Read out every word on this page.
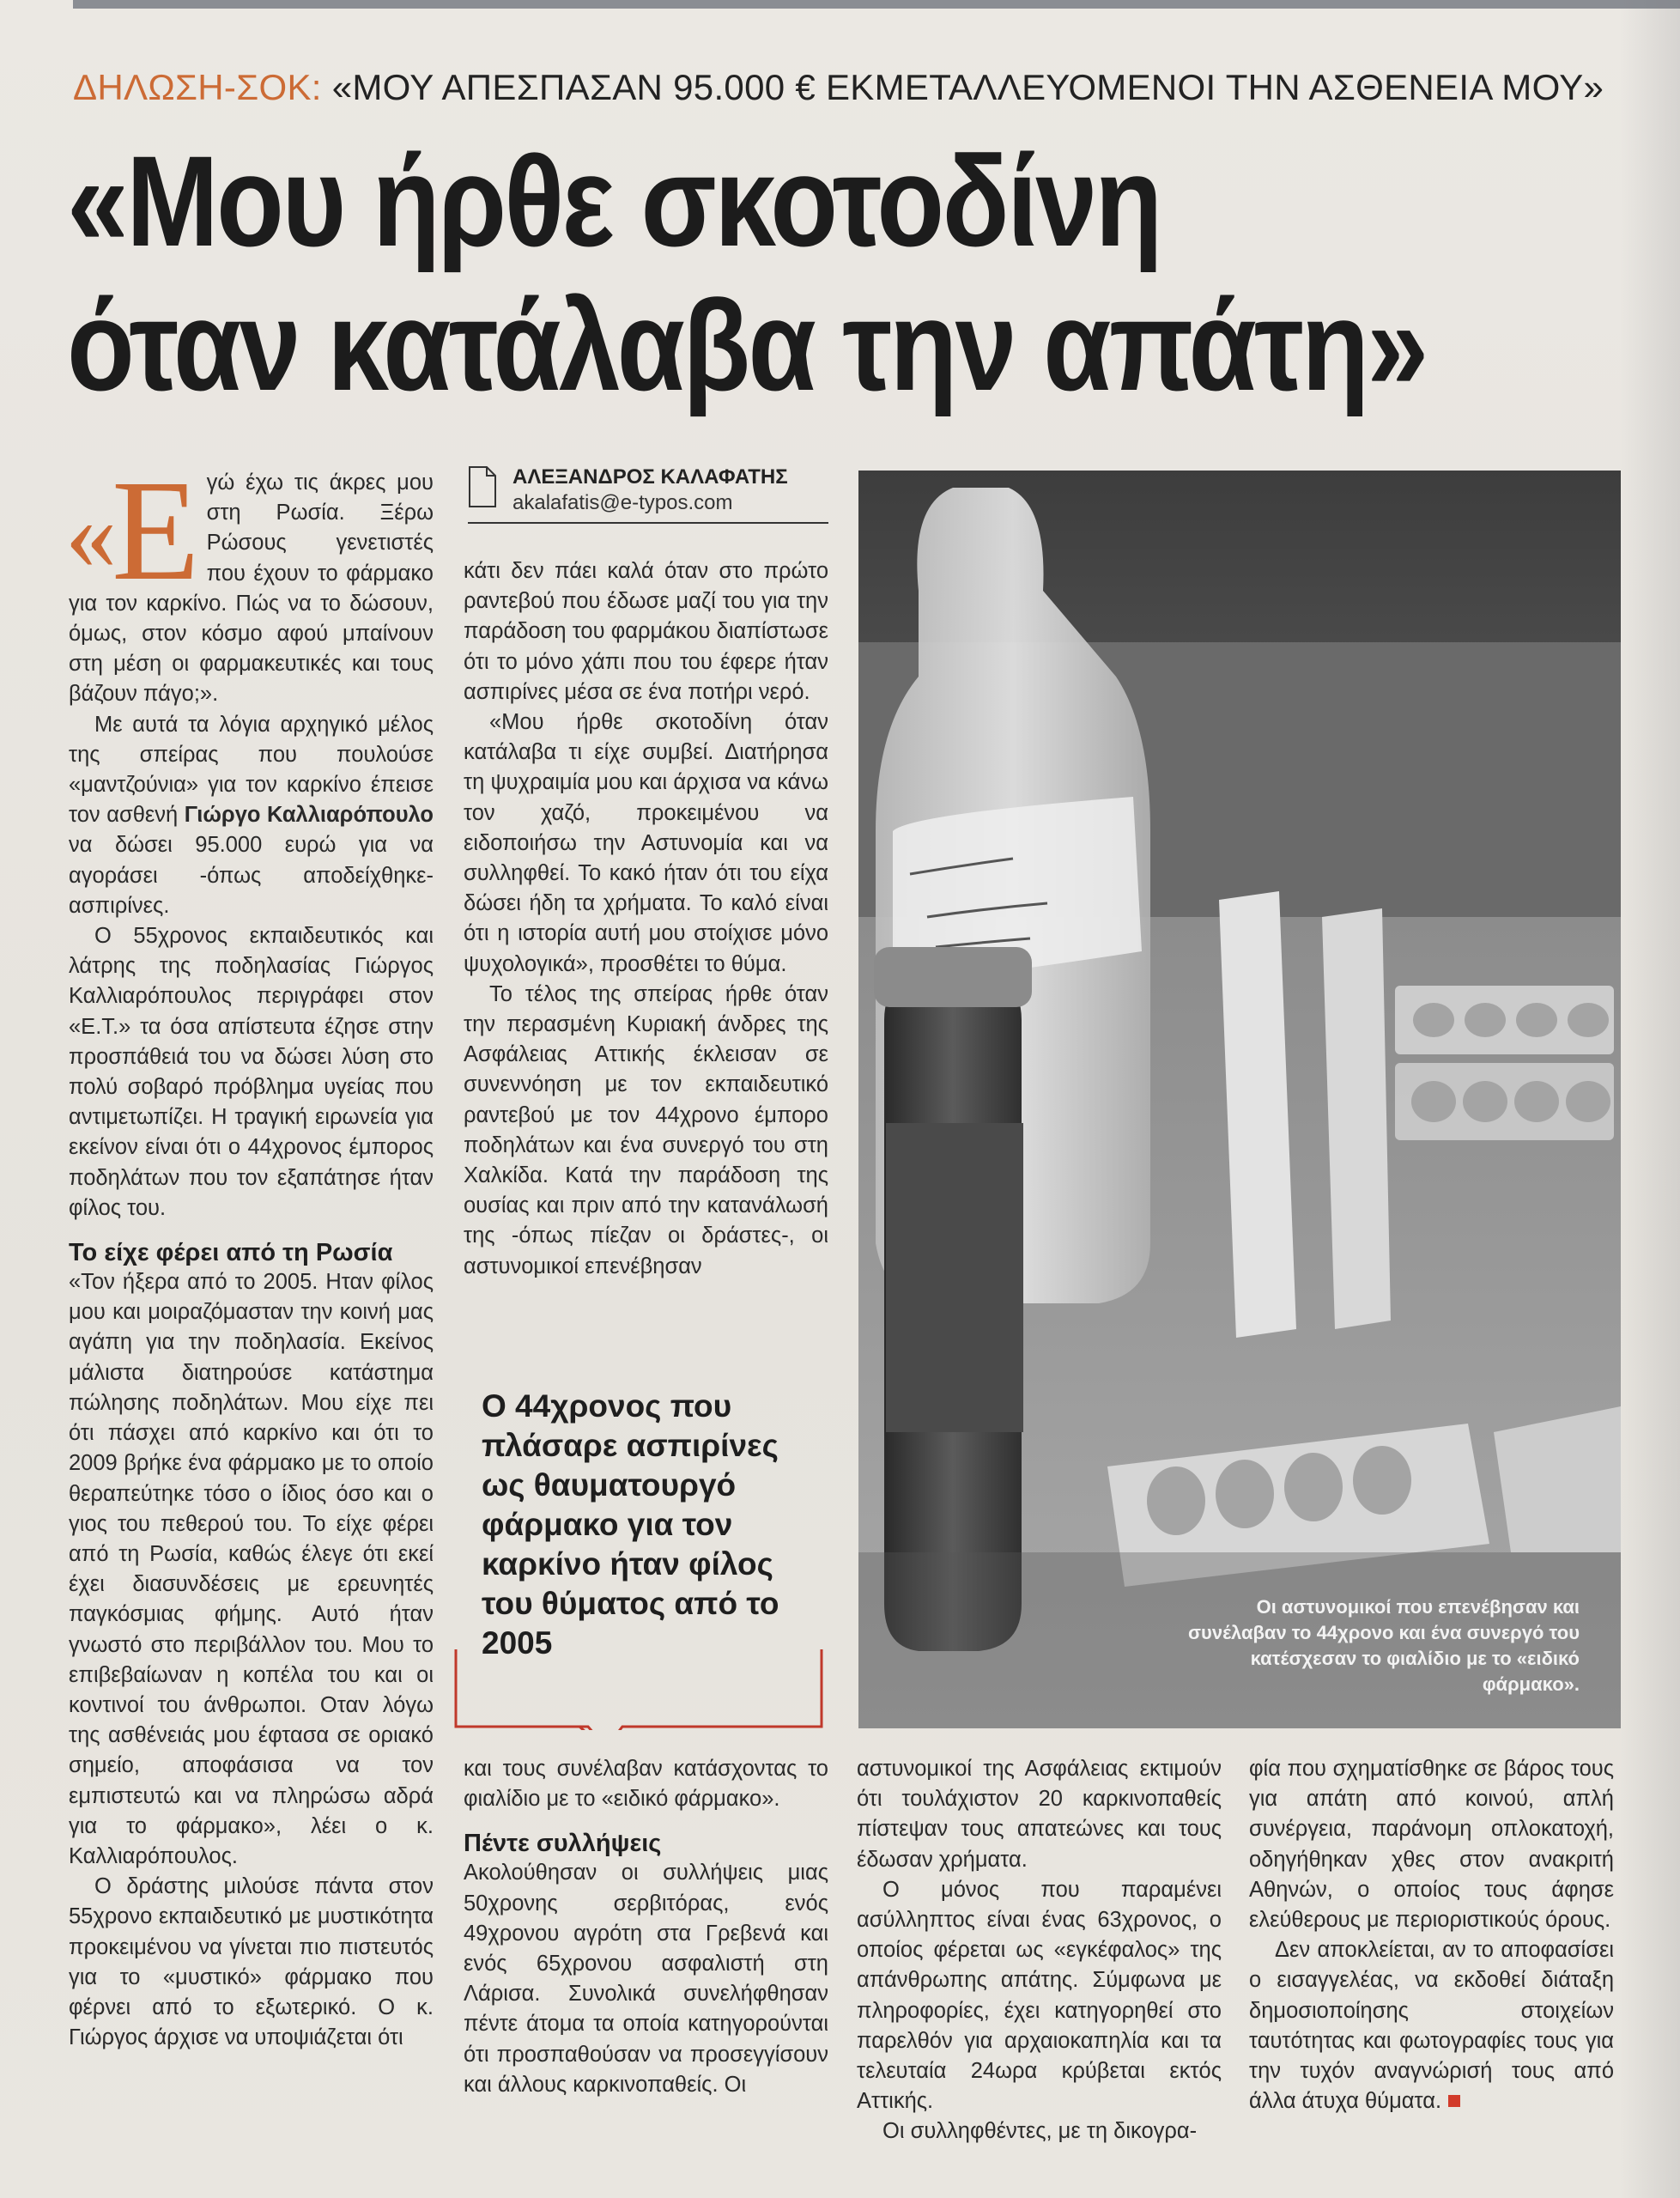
ΔΗΛΩΣΗ-ΣΟΚ: «ΜΟΥ ΑΠΕΣΠΑΣΑΝ 95.000 € ΕΚΜΕΤΑΛΛΕΥΟΜΕΝΟΙ ΤΗΝ ΑΣΘΕΝΕΙΑ ΜΟΥ»
«Μου ήρθε σκοτοδίνη
όταν κατάλαβα την απάτη»

«Ε γώ έχω τις άκρες μου στη Ρωσία. Ξέρω Ρώσους γενετιστές που έχουν το φάρμακο για τον καρκίνο. Πώς να το δώσουν, όμως, στον κόσμο αφού μπαίνουν στη μέση οι φαρμακευτικές και τους βάζουν πάγο;».

Με αυτά τα λόγια αρχηγικό μέλος της σπείρας που πουλούσε «μαντζούνια» για τον καρκίνο έπεισε τον ασθενή Γιώργο Καλλιαρόπουλο να δώσει 95.000 ευρώ για να αγοράσει -όπως αποδείχθηκε- ασπιρίνες.

Ο 55χρονος εκπαιδευτικός και λάτρης της ποδηλασίας Γιώργος Καλλιαρόπουλος περιγράφει στον «Ε.Τ.» τα όσα απίστευτα έζησε στην προσπάθειά του να δώσει λύση στο πολύ σοβαρό πρόβλημα υγείας που αντιμετωπίζει. Η τραγική ειρωνεία για εκείνον είναι ότι ο 44χρονος έμπορος ποδηλάτων που τον εξαπάτησε ήταν φίλος του.

Το είχε φέρει από τη Ρωσία

«Τον ήξερα από το 2005. Ηταν φίλος μου και μοιραζόμασταν την κοινή μας αγάπη για την ποδηλασία. Εκείνος μάλιστα διατηρούσε κατάστημα πώλησης ποδηλάτων. Μου είχε πει ότι πάσχει από καρκίνο και ότι το 2009 βρήκε ένα φάρμακο με το οποίο θεραπεύτηκε τόσο ο ίδιος όσο και ο γιος του πεθερού του. Το είχε φέρει από τη Ρωσία, καθώς έλεγε ότι εκεί έχει διασυνδέσεις με ερευνητές παγκόσμιας φήμης. Αυτό ήταν γνωστό στο περιβάλλον του. Μου το επιβεβαίωναν η κοπέλα του και οι κοντινοί του άνθρωποι. Οταν λόγω της ασθένειάς μου έφτασα σε οριακό σημείο, αποφάσισα να τον εμπιστευτώ και να πληρώσω αδρά για το φάρμακο», λέει ο κ. Καλλιαρόπουλος.

Ο δράστης μιλούσε πάντα στον 55χρονο εκπαιδευτικό με μυστικότητα προκειμένου να γίνεται πιο πιστευτός για το «μυστικό» φάρμακο που φέρνει από το εξωτερικό. Ο κ. Γιώργος άρχισε να υποψιάζεται ότι

ΑΛΕΞΑΝΔΡΟΣ ΚΑΛΑΦΑΤΗΣ
akalafatis@e-typos.com

κάτι δεν πάει καλά όταν στο πρώτο ραντεβού που έδωσε μαζί του για την παράδοση του φαρμάκου διαπίστωσε ότι το μόνο χάπι που του έφερε ήταν ασπιρίνες μέσα σε ένα ποτήρι νερό.

«Μου ήρθε σκοτοδίνη όταν κατάλαβα τι είχε συμβεί. Διατήρησα τη ψυχραιμία μου και άρχισα να κάνω τον χαζό, προκειμένου να ειδοποιήσω την Αστυνομία και να συλληφθεί. Το κακό ήταν ότι του είχα δώσει ήδη τα χρήματα. Το καλό είναι ότι η ιστορία αυτή μου στοίχισε μόνο ψυχολογικά», προσθέτει το θύμα.

Το τέλος της σπείρας ήρθε όταν την περασμένη Κυριακή άνδρες της Ασφάλειας Αττικής έκλεισαν σε συνεννόηση με τον εκπαιδευτικό ραντεβού με τον 44χρονο έμπορο ποδηλάτων και ένα συνεργό του στη Χαλκίδα. Κατά την παράδοση της ουσίας και πριν από την κατανάλωσή της -όπως πίεζαν οι δράστες-, οι αστυνομικοί επενέβησαν

Ο 44χρονος που πλάσαρε ασπιρίνες ως θαυματουργό φάρμακο για τον καρκίνο ήταν φίλος του θύματος από το 2005
Οι αστυνομικοί που επενέβησαν και συνέλαβαν το 44χρονο και ένα συνεργό του κατέσχεσαν το φιαλίδιο με το «ειδικό φάρμακο».

και τους συνέλαβαν κατάσχοντας το φιαλίδιο με το «ειδικό φάρμακο».

Πέντε συλλήψεις

Ακολούθησαν οι συλλήψεις μιας 50χρονης σερβιτόρας, ενός 49χρονου αγρότη στα Γρεβενά και ενός 65χρονου ασφαλιστή στη Λάρισα. Συνολικά συνελήφθησαν πέντε άτομα τα οποία κατηγορούνται ότι προσπαθούσαν να προσεγγίσουν και άλλους καρκινοπαθείς. Οι

αστυνομικοί της Ασφάλειας εκτιμούν ότι τουλάχιστον 20 καρκινοπαθείς πίστεψαν τους απατεώνες και τους έδωσαν χρήματα.

Ο μόνος που παραμένει ασύλληπτος είναι ένας 63χρονος, ο οποίος φέρεται ως «εγκέφαλος» της απάνθρωπης απάτης. Σύμφωνα με πληροφορίες, έχει κατηγορηθεί στο παρελθόν για αρχαιοκαπηλία και τα τελευταία 24ωρα κρύβεται εκτός Αττικής.

Οι συλληφθέντες, με τη δικογρα-

φία που σχηματίσθηκε σε βάρος τους για απάτη από κοινού, απλή συνέργεια, παράνομη οπλοκατοχή, οδηγήθηκαν χθες στον ανακριτή Αθηνών, ο οποίος τους άφησε ελεύθερους με περιοριστικούς όρους.

Δεν αποκλείεται, αν το αποφασίσει ο εισαγγελέας, να εκδοθεί διάταξη δημοσιοποίησης στοιχείων ταυτότητας και φωτογραφίες τους για την τυχόν αναγνώρισή τους από άλλα άτυχα θύματα.
